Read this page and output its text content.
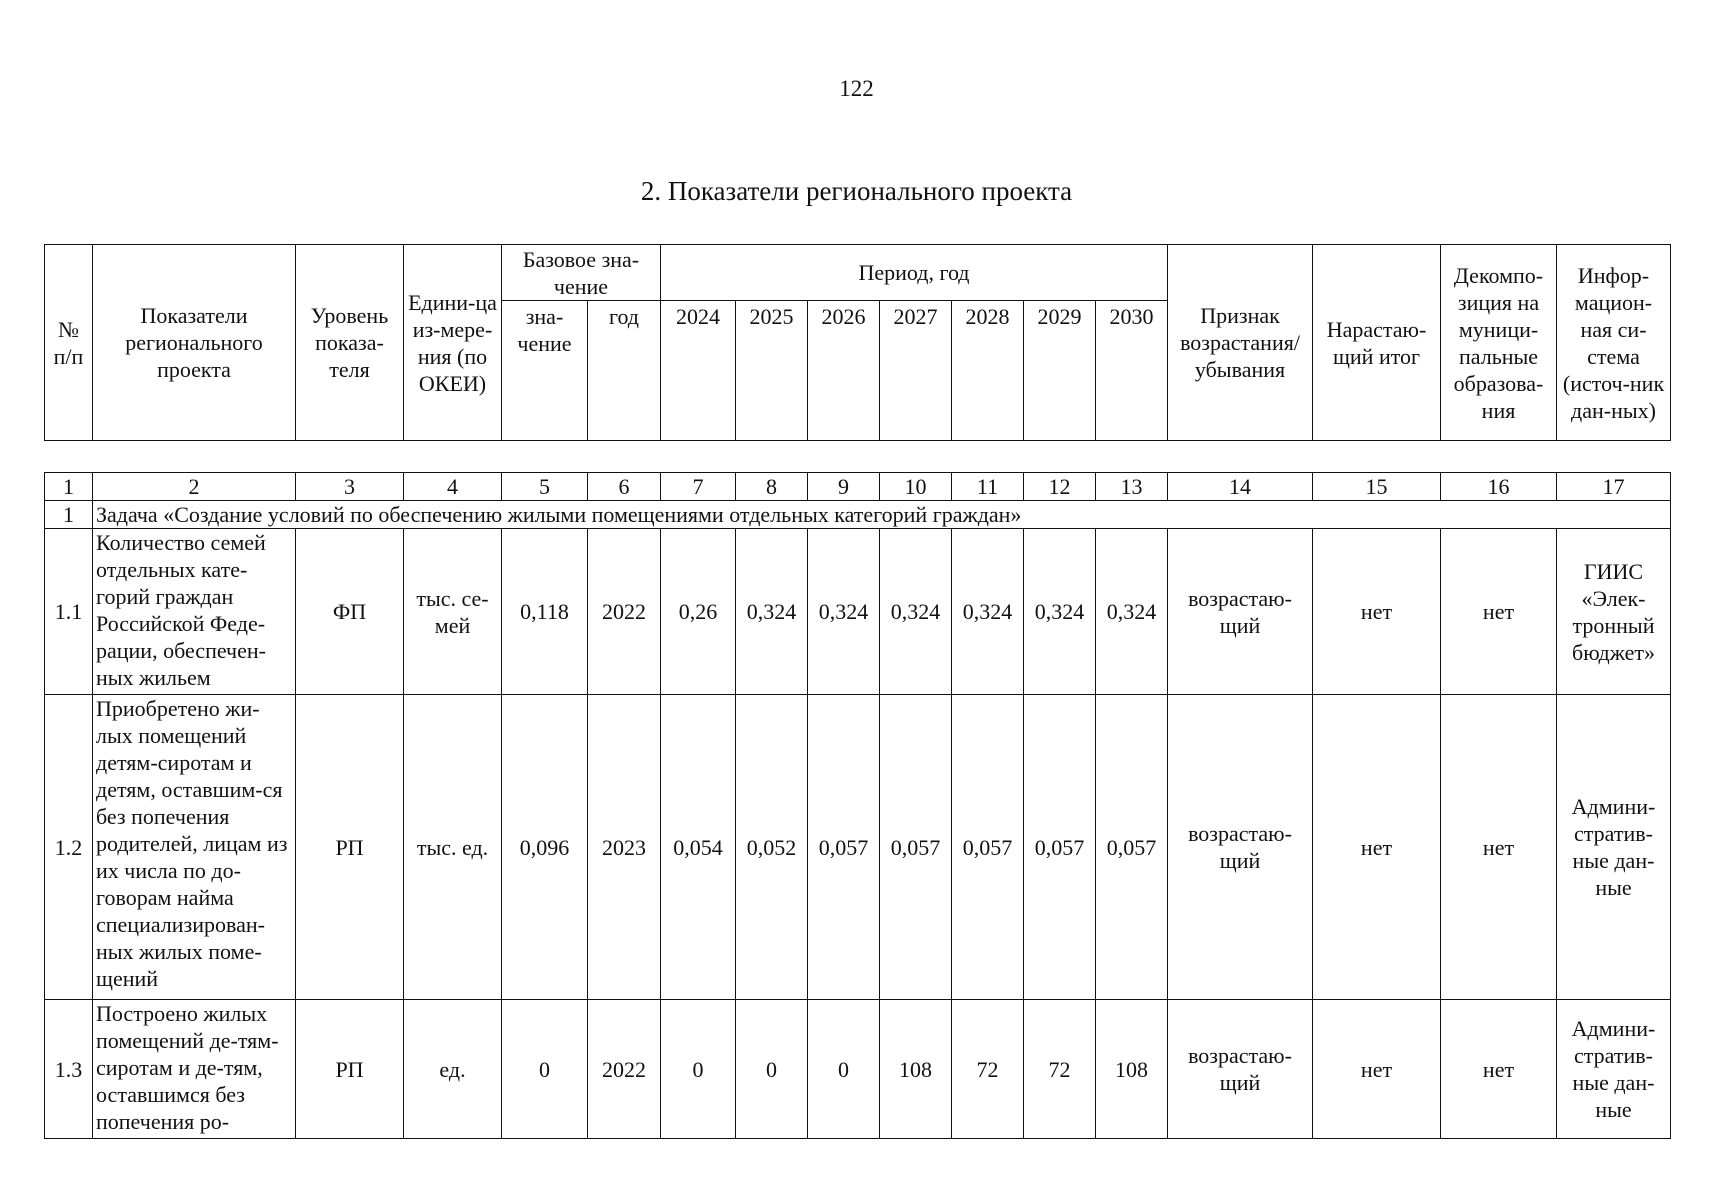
122
2. Показатели регионального проекта
№ п/п	Показатели регионального проекта	Уровень показа-теля	Едини-ца из-мере-ния (по ОКЕИ)	Базовое зна-чение		Период, год							Признак возрастания/ убывания	Нарастаю-щий итог	Декомпо-зиция на муници-пальные образова-ния	Инфор-мацион-ная си-стема (источ-ник дан-ных)
				зна-чение	год	2024	2025	2026	2027	2028	2029	2030				
1	2	3	4	5	6	7	8	9	10	11	12	13	14	15	16	17
1	Задача «Создание условий по обеспечению жилыми помещениями отдельных категорий граждан»															
1.1	Количество семей отдельных кате-горий граждан Российской Феде-рации, обеспечен-ных жильем	ФП	тыс. се-мей	0,118	2022	0,26	0,324	0,324	0,324	0,324	0,324	0,324	возрастаю-щий	нет	нет	ГИИС «Элек-тронный бюджет»
1.2	Приобретено жи-лых помещений детям-сиротам и детям, оставшим-ся без попечения родителей, лицам из их числа по до-говорам найма специализирован-ных жилых поме-щений	РП	тыс. ед.	0,096	2023	0,054	0,052	0,057	0,057	0,057	0,057	0,057	возрастаю-щий	нет	нет	Админи-стратив-ные дан-ные
1.3	Построено жилых помещений де-тям-сиротам и де-тям, оставшимся без попечения ро-	РП	ед.	0	2022	0	0	0	108	72	72	108	возрастаю-щий	нет	нет	Админи-стратив-ные дан-ные
